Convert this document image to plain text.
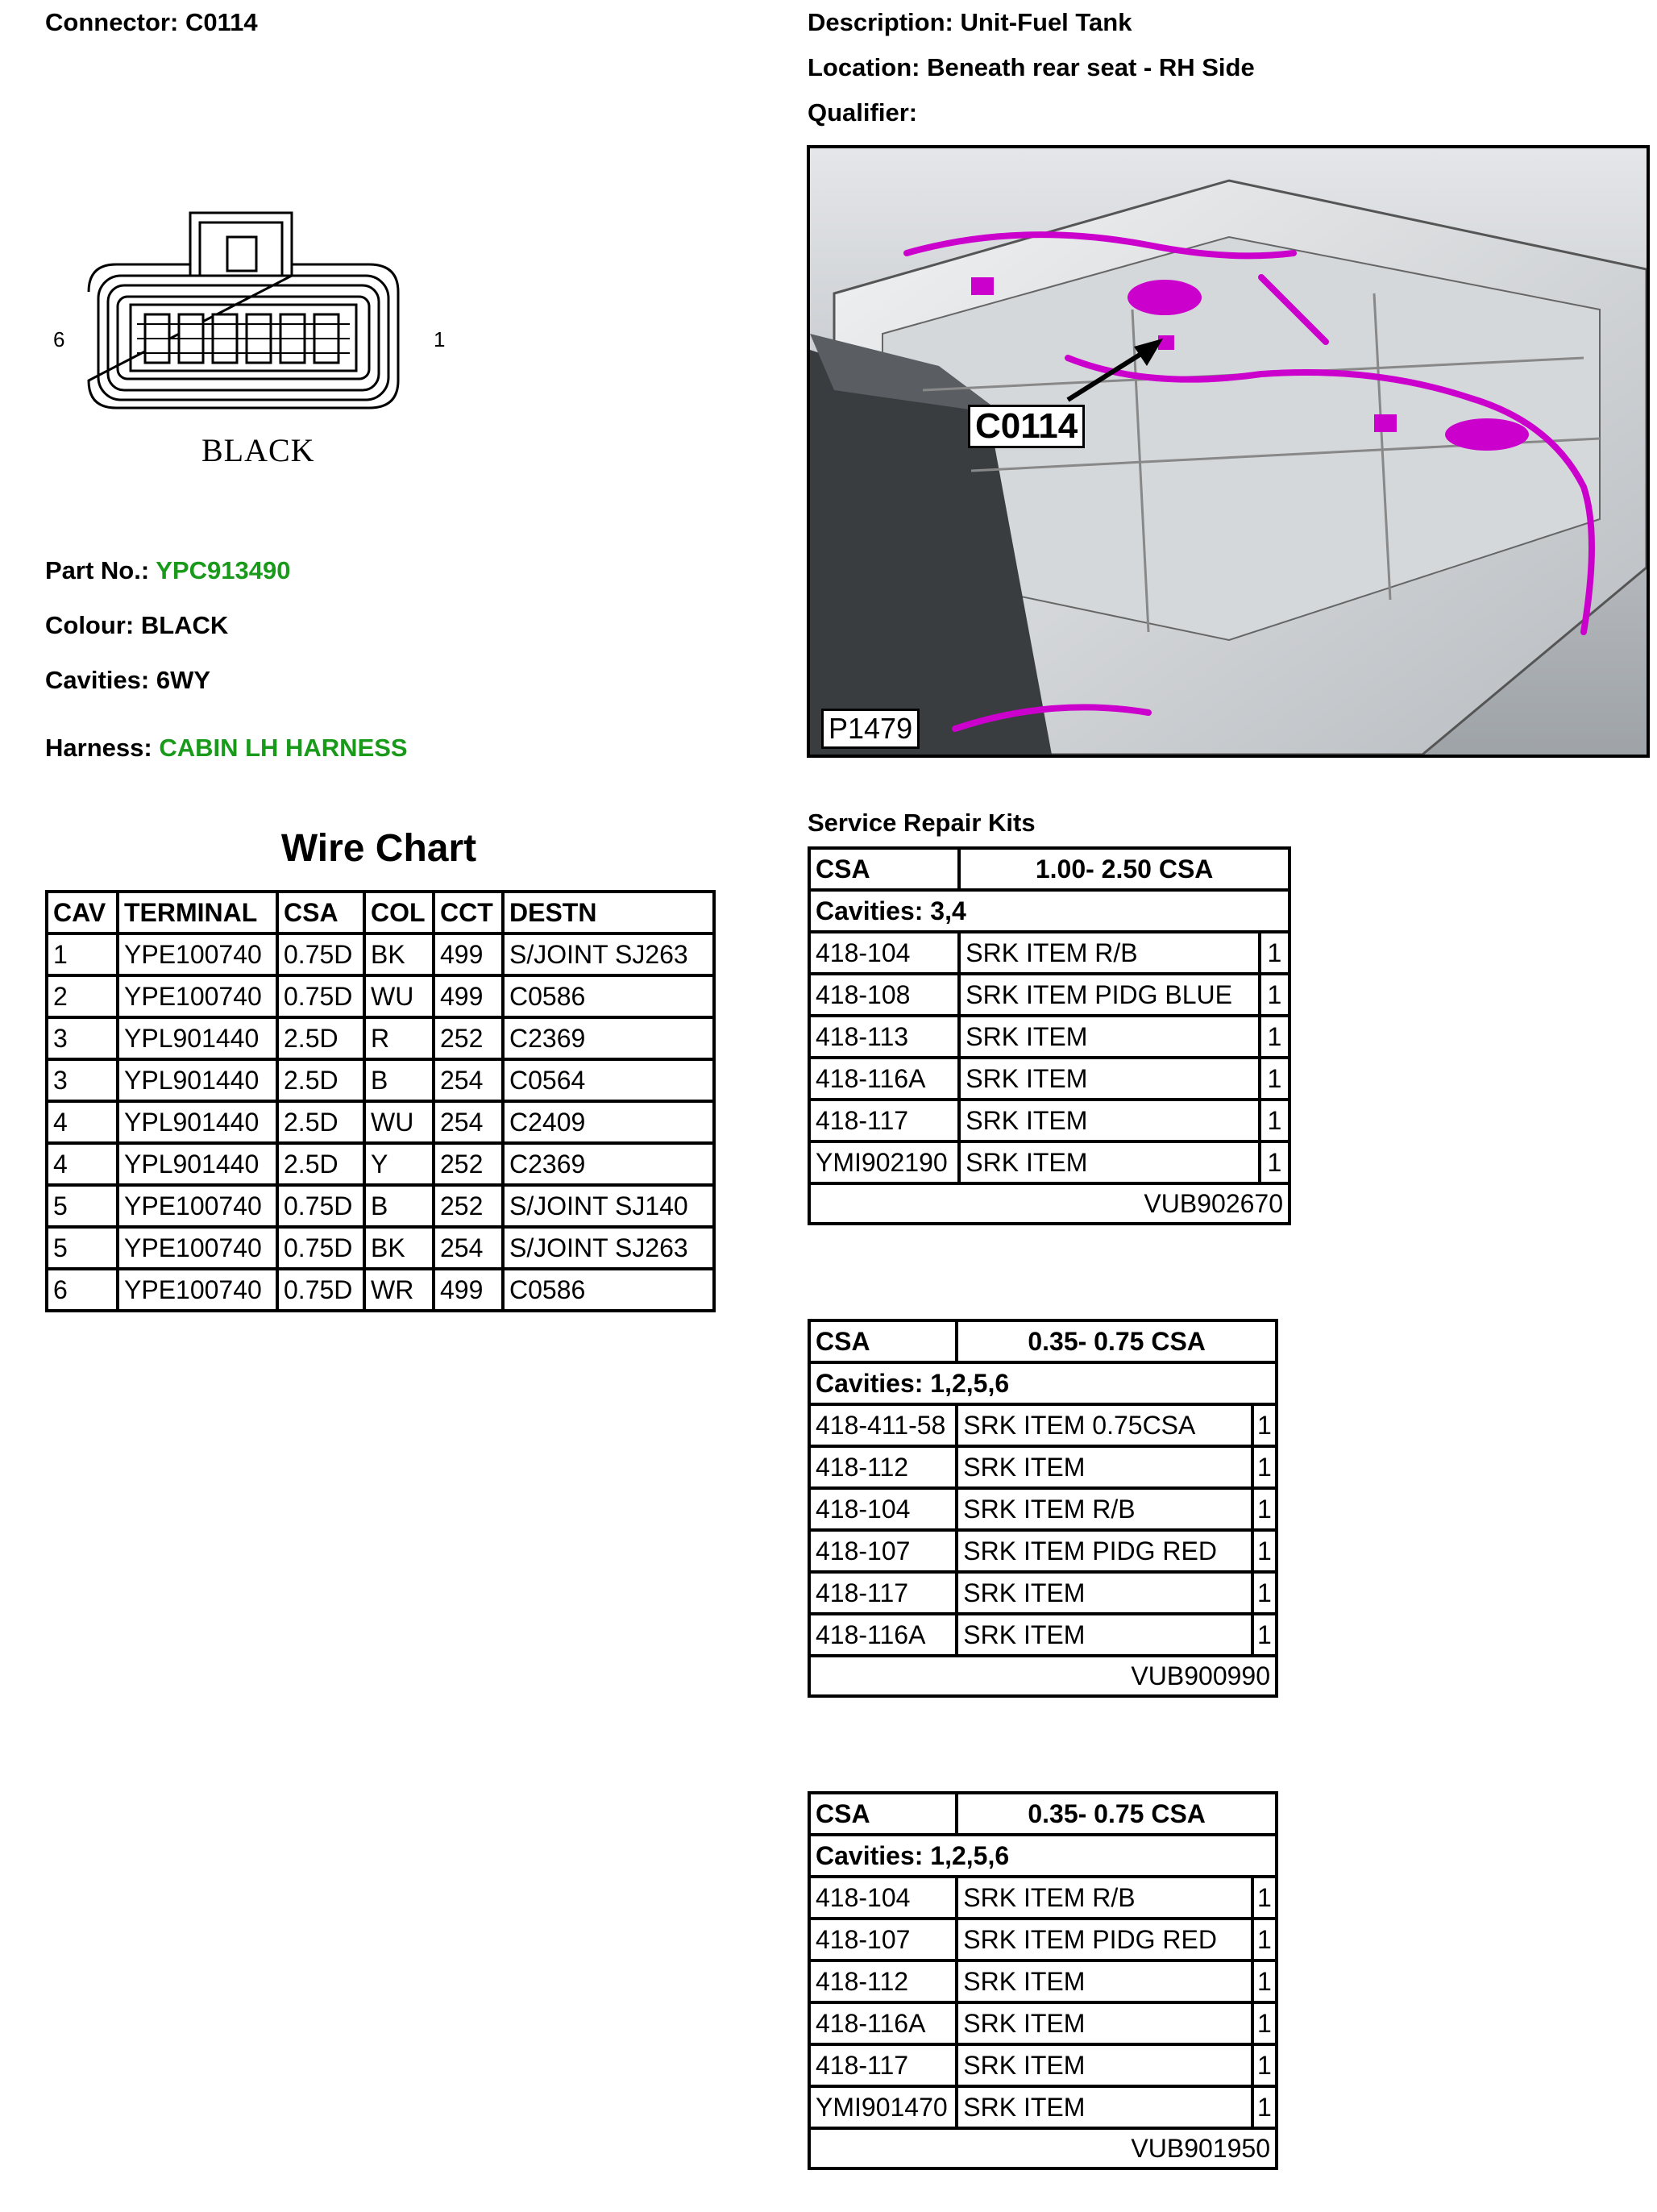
Connector: C0114	Description: Unit-Fuel Tank
Location: Beneath rear seat - RH Side
Qualifier:
6	1
BLACK
Part No.: YPC913490
Colour: BLACK
Cavities: 6WY
Harness: CABIN LH HARNESS
C0114
P1479
Wire Chart
CAV	TERMINAL	CSA	COL	CCT	DESTN
1	YPE100740	0.75D	BK	499	S/JOINT SJ263
2	YPE100740	0.75D	WU	499	C0586
3	YPL901440	2.5D	R	252	C2369
3	YPL901440	2.5D	B	254	C0564
4	YPL901440	2.5D	WU	254	C2409
4	YPL901440	2.5D	Y	252	C2369
5	YPE100740	0.75D	B	252	S/JOINT SJ140
5	YPE100740	0.75D	BK	254	S/JOINT SJ263
6	YPE100740	0.75D	WR	499	C0586
Service Repair Kits
CSA	1.00- 2.50 CSA	
Cavities: 3,4		
418-104	SRK ITEM R/B	1
418-108	SRK ITEM PIDG BLUE	1
418-113	SRK ITEM	1
418-116A	SRK ITEM	1
418-117	SRK ITEM	1
YMI902190	SRK ITEM	1
VUB902670		
CSA	0.35- 0.75 CSA	
Cavities: 1,2,5,6		
418-411-58	SRK ITEM 0.75CSA	1
418-112	SRK ITEM	1
418-104	SRK ITEM R/B	1
418-107	SRK ITEM PIDG RED	1
418-117	SRK ITEM	1
418-116A	SRK ITEM	1
VUB900990		
CSA	0.35- 0.75 CSA	
Cavities: 1,2,5,6		
418-104	SRK ITEM R/B	1
418-107	SRK ITEM PIDG RED	1
418-112	SRK ITEM	1
418-116A	SRK ITEM	1
418-117	SRK ITEM	1
YMI901470	SRK ITEM	1
VUB901950		
